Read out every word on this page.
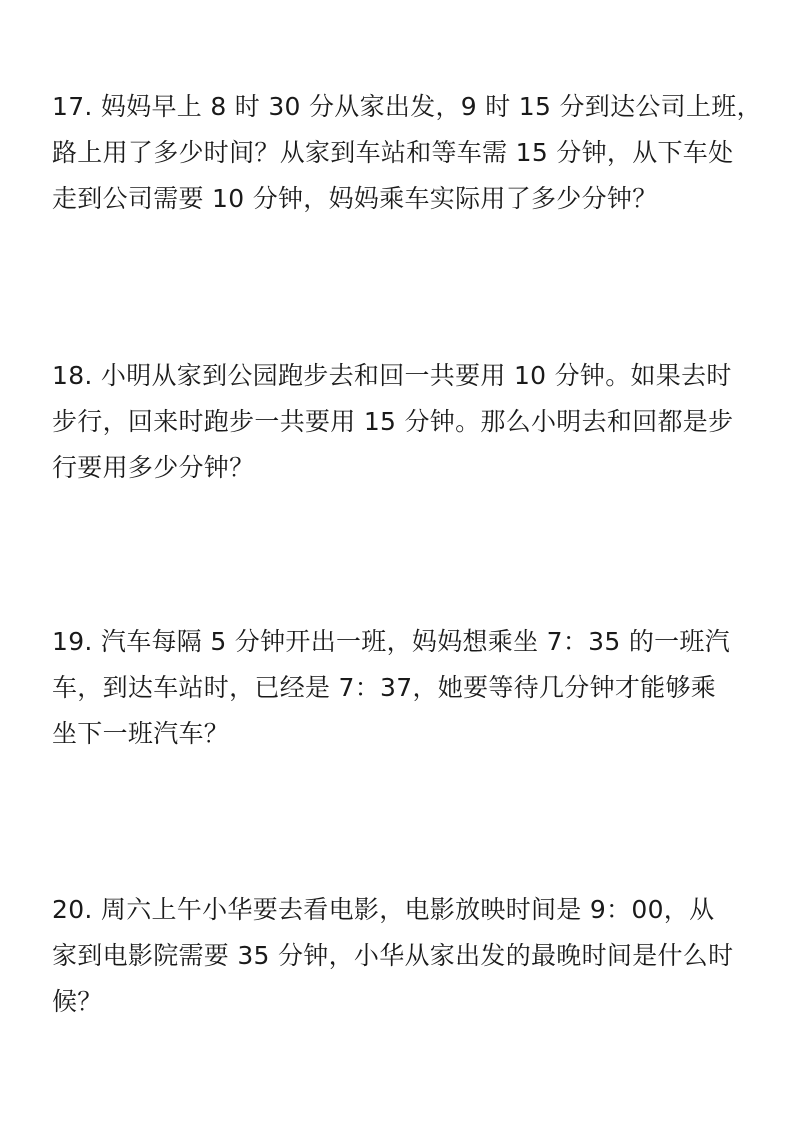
17. 妈妈早上 8 时 30 分从家出发，9 时 15 分到达公司上班，
路上用了多少时间？从家到车站和等车需 15 分钟，从下车处
走到公司需要 10 分钟，妈妈乘车实际用了多少分钟？
18. 小明从家到公园跑步去和回一共要用 10 分钟。如果去时
步行，回来时跑步一共要用 15 分钟。那么小明去和回都是步
行要用多少分钟？
19. 汽车每隔 5 分钟开出一班，妈妈想乘坐 7：35 的一班汽
车，到达车站时，已经是 7：37，她要等待几分钟才能够乘
坐下一班汽车？
20. 周六上午小华要去看电影，电影放映时间是 9：00，从
家到电影院需要 35 分钟，小华从家出发的最晚时间是什么时
候？
